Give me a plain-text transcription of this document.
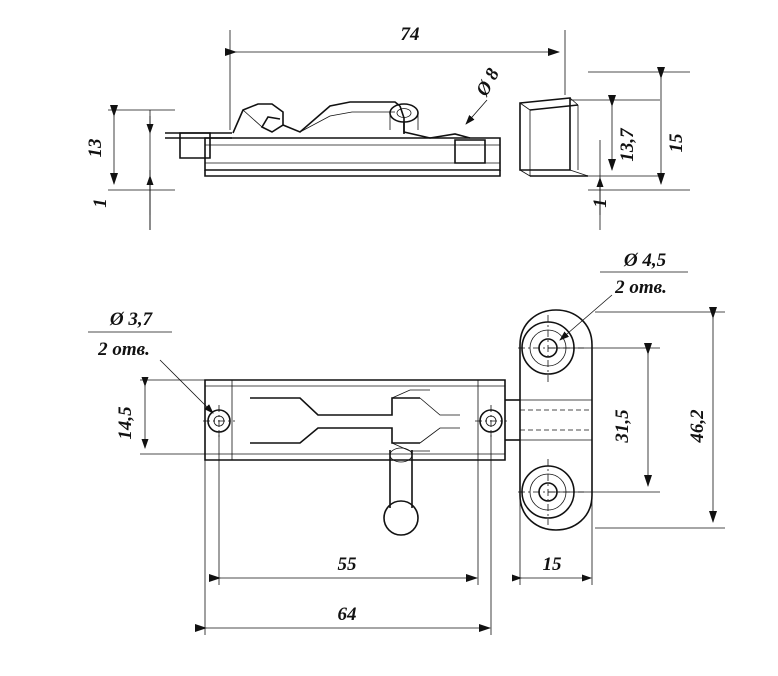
74
Ø 8
13
1
13,7 15
1
Ø 4,5
2 отв.
Ø 3,7
2 отв.
14,5	31,5	46,2
15
55
64
